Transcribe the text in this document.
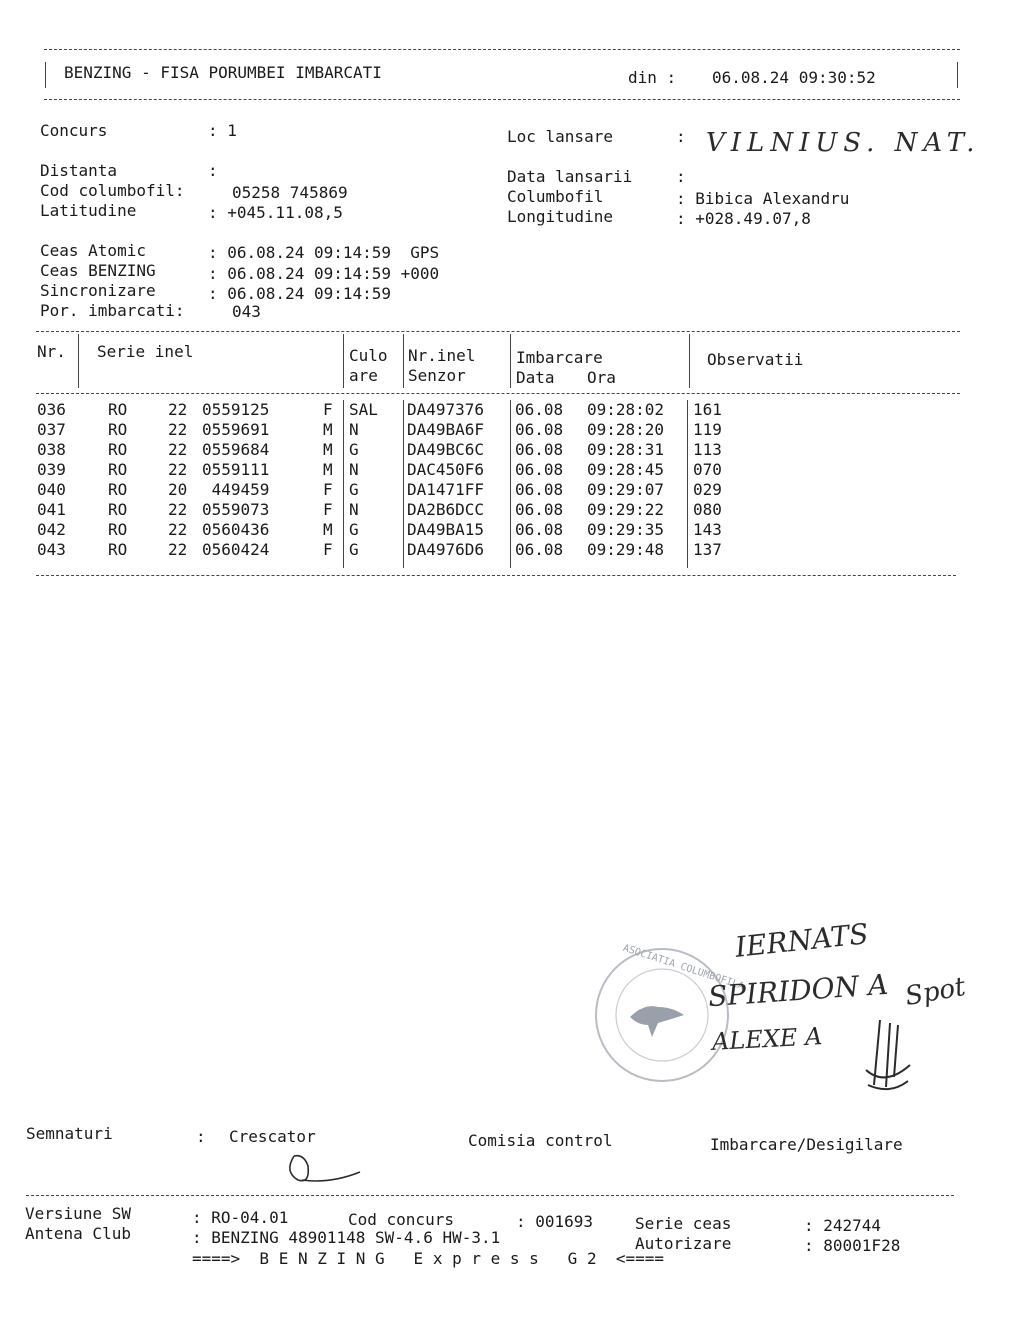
BENZING - FISA PORUMBEI IMBARCATI	din : 06.08.24 09:30:52
Concurs	: 1	Loc lansare	: VILNIUS. NAT.
Distanta	:	Data lansarii	:
Cod columbofil:	05258 745869	Columbofil	: Bibica Alexandru
Latitudine	: +045.11.08,5	Longitudine	: +028.49.07,8
Ceas Atomic	: 06.08.24 09:14:59  GPS
Ceas BENZING	: 06.08.24 09:14:59 +000
Sincronizare	: 06.08.24 09:14:59
Por. imbarcati:	043
Nr. Serie inel	Culo
are
Nr.inel
Senzor
Imbarcare
Data Ora
Observatii
036	RO	22 0559125	F SAL DA497376 06.08 09:28:02 161
037	RO	22 0559691	M N	DA49BA6F 06.08 09:28:20 119
038	RO	22 0559684	M G	DA49BC6C 06.08 09:28:31 113
039	RO	22 0559111	M N	DAC450F6 06.08 09:28:45 070
040	RO	20 449459	F G	DA1471FF 06.08 09:29:07 029
041	RO	22 0559073	F N	DA2B6DCC 06.08 09:29:22 080
042	RO	22 0560436	M G	DA49BA15 06.08 09:29:35 143
043	RO	22 0560424	F G	DA4976D6 06.08 09:29:48 137
ASOCIATIA COLUMBOFILA
IERNATS
SPIRIDON A
ALEXE A
Spot
Semnaturi	: Crescator	Comisia control	Imbarcare/Desigilare
Versiune SW	: RO-04.01	Cod concurs	: 001693	Serie ceas	: 242744
Antena Club	: BENZING 48901148 SW-4.6 HW-3.1	Autorizare	: 80001F28
====>  B E N Z I N G   E x p r e s s   G 2  <====
